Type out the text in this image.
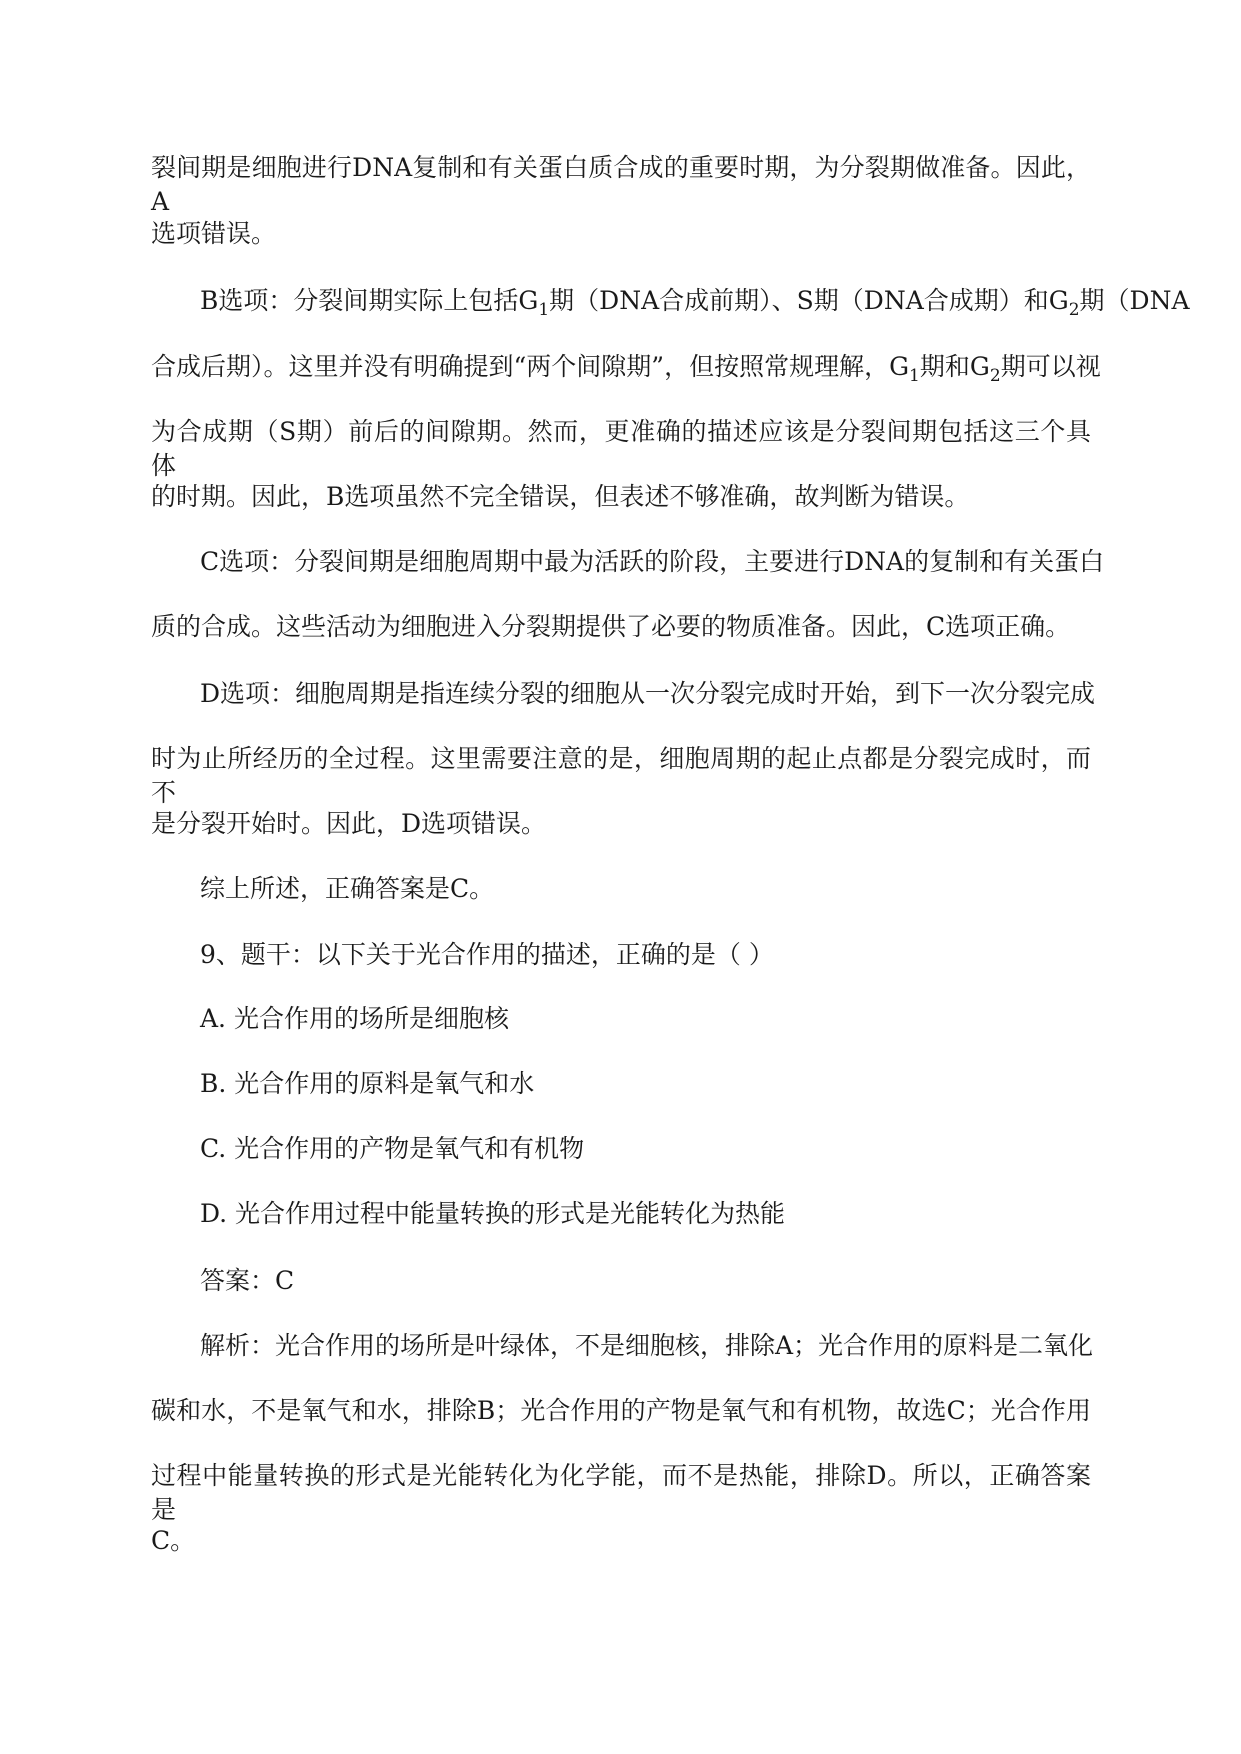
裂间期是细胞进行DNA复制和有关蛋白质合成的重要时期，为分裂期做准备。因此，A
选项错误。
B选项：分裂间期实际上包括$G_1$期（DNA合成前期）、S期（DNA合成期）和$G_2$期（DNA
合成后期）。这里并没有明确提到“两个间隙期”，但按照常规理解，$G_1$期和$G_2$期可以视
为合成期（S期）前后的间隙期。然而，更准确的描述应该是分裂间期包括这三个具体
的时期。因此，B选项虽然不完全错误，但表述不够准确，故判断为错误。
C选项：分裂间期是细胞周期中最为活跃的阶段，主要进行DNA的复制和有关蛋白
质的合成。这些活动为细胞进入分裂期提供了必要的物质准备。因此，C选项正确。
D选项：细胞周期是指连续分裂的细胞从一次分裂完成时开始，到下一次分裂完成
时为止所经历的全过程。这里需要注意的是，细胞周期的起止点都是分裂完成时，而不
是分裂开始时。因此，D选项错误。
综上所述，正确答案是C。
9、题干：以下关于光合作用的描述，正确的是（ ）
A. 光合作用的场所是细胞核
B. 光合作用的原料是氧气和水
C. 光合作用的产物是氧气和有机物
D. 光合作用过程中能量转换的形式是光能转化为热能
答案：C
解析：光合作用的场所是叶绿体，不是细胞核，排除A；光合作用的原料是二氧化
碳和水，不是氧气和水，排除B；光合作用的产物是氧气和有机物，故选C；光合作用
过程中能量转换的形式是光能转化为化学能，而不是热能，排除D。所以，正确答案是
C。
